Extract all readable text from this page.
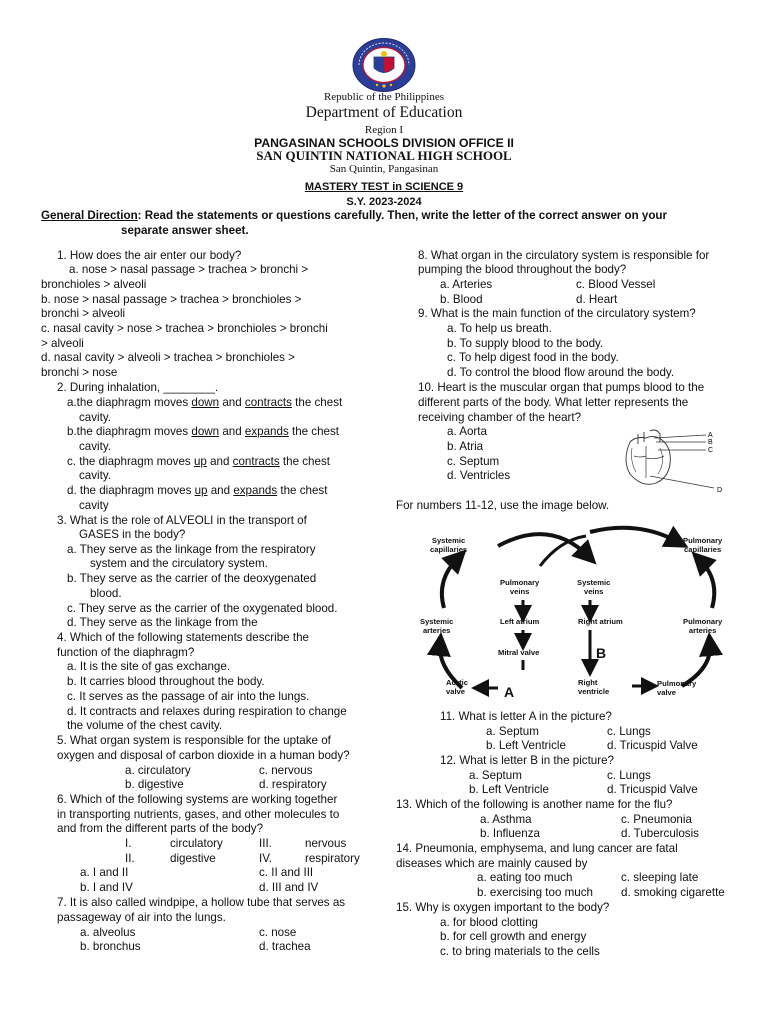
Republic of the Philippines
Department of Education
Region I
PANGASINAN SCHOOLS DIVISION OFFICE II
SAN QUINTIN NATIONAL HIGH SCHOOL
San Quintin, Pangasinan
MASTERY TEST in SCIENCE 9
S.Y. 2023-2024
General Direction: Read the statements or questions carefully. Then, write the letter of the correct answer on your
separate answer sheet.
1. How does the air enter our body?
a. nose > nasal passage > trachea > bronchi >
bronchioles > alveoli
b. nose > nasal passage > trachea > bronchioles >
bronchi > alveoli
c. nasal cavity > nose > trachea > bronchioles > bronchi
> alveoli
d. nasal cavity > alveoli > trachea > bronchioles >
bronchi > nose
2. During inhalation, ________.
a.the diaphragm moves down and contracts the chest
cavity.
b.the diaphragm moves down and expands the chest
cavity.
c. the diaphragm moves up and contracts the chest
cavity.
d. the diaphragm moves up and expands the chest
cavity
3. What is the role of ALVEOLI in the transport of
GASES in the body?
a. They serve as the linkage from the respiratory
system and the circulatory system.
b. They serve as the carrier of the deoxygenated
blood.
c. They serve as the carrier of the oxygenated blood.
d. They serve as the linkage from the
4. Which of the following statements describe the
function of the diaphragm?
a. It is the site of gas exchange.
b. It carries blood throughout the body.
c. It serves as the passage of air into the lungs.
d. It contracts and relaxes during respiration to change
the volume of the chest cavity.
5. What organ system is responsible for the uptake of
oxygen and disposal of carbon dioxide in a human body?
a. circulatory	c. nervous
b. digestive	d. respiratory
6. Which of the following systems are working together
in transporting nutrients, gases, and other molecules to
and from the different parts of the body?
I.	circulatory	III.	nervous
II.	digestive	IV.	respiratory
a. I and II	c. II and III
b. I and IV	d. III and IV
7. It is also called windpipe, a hollow tube that serves as
passageway of air into the lungs.
a. alveolus	c. nose
b. bronchus	d. trachea
8. What organ in the circulatory system is responsible for
pumping the blood throughout the body?
a. Arteries	c. Blood Vessel
b. Blood	d. Heart
9. What is the main function of the circulatory system?
a. To help us breath.
b. To supply blood to the body.
c. To help digest food in the body.
d. To control the blood flow around the body.
10. Heart is the muscular organ that pumps blood to the
different parts of the body. What letter represents the
receiving chamber of the heart?
a. Aorta
b. Atria
c. Septum
d. Ventricles
A
B
C
D
For numbers 11-12, use the image below.
Systemic
capillaries
Pulmonary
capillaries
Pulmonary
veins
Systemic
veins
Systemic
arteries
Pulmonary
arteries
Left atrium	Right atrium
Mitral valve	B
Aortic
valve	A
Right
ventricle
Pulmonary
valve
11. What is letter A in the picture?
a. Septum	c. Lungs
b. Left Ventricle	d. Tricuspid Valve
12. What is letter B in the picture?
a. Septum	c. Lungs
b. Left Ventricle	d. Tricuspid Valve
13. Which of the following is another name for the flu?
a. Asthma	c. Pneumonia
b. Influenza	d. Tuberculosis
14. Pneumonia, emphysema, and lung cancer are fatal
diseases which are mainly caused by
a. eating too much	c. sleeping late
b. exercising too much d. smoking cigarette
15. Why is oxygen important to the body?
a. for blood clotting
b. for cell growth and energy
c. to bring materials to the cells
